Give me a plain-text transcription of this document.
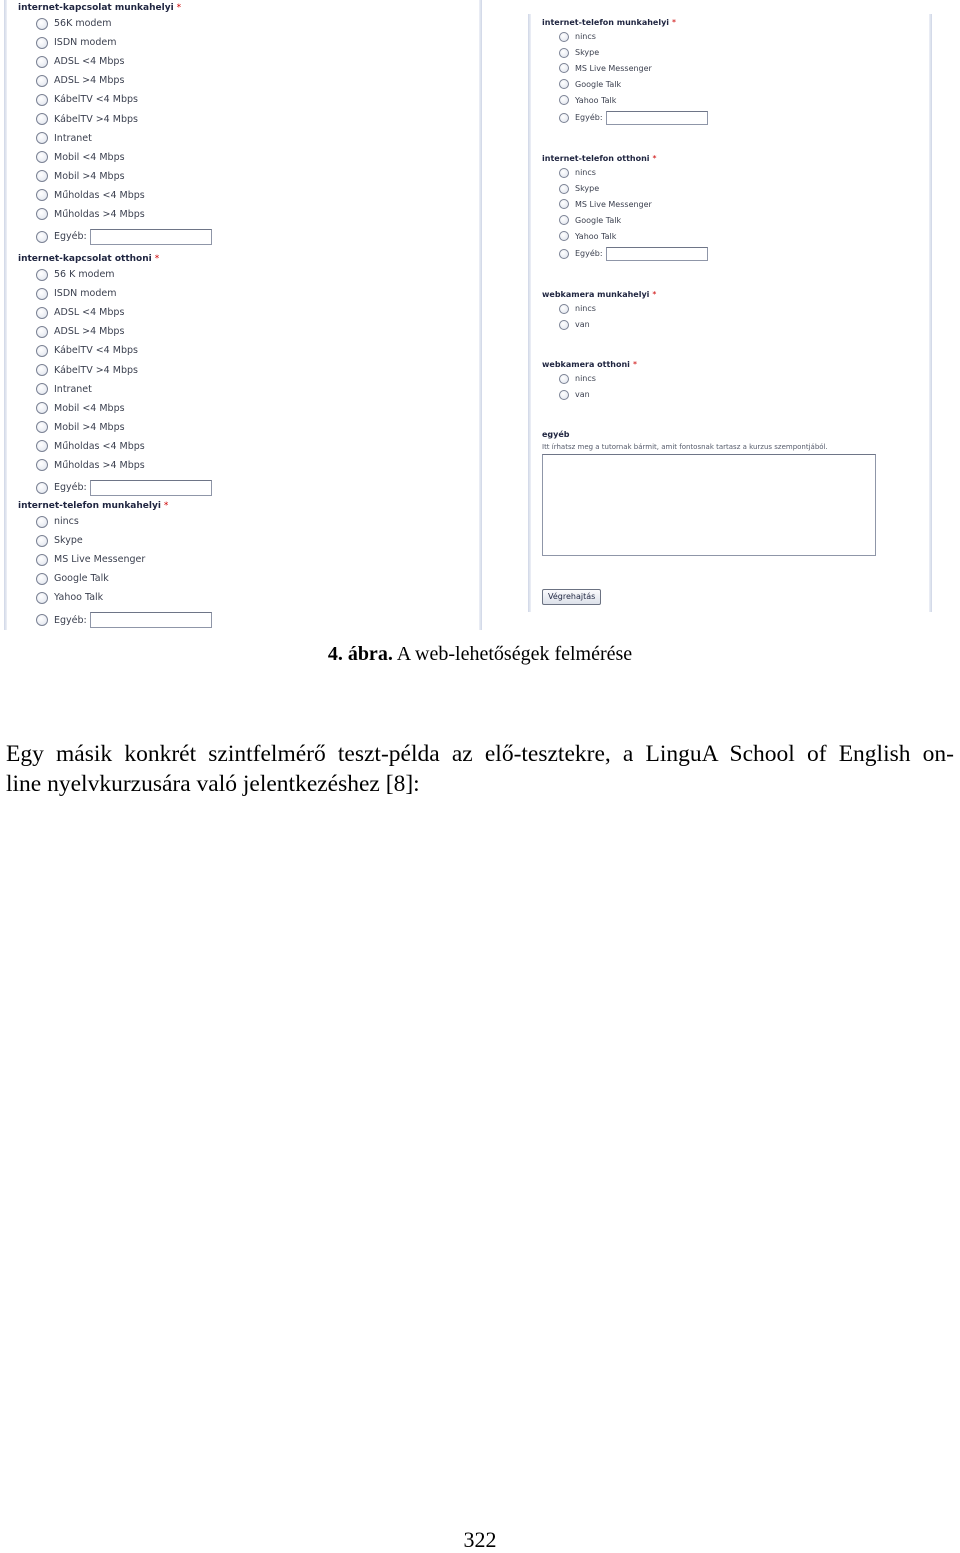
internet-kapcsolat munkahelyi *
56K modem
ISDN modem
ADSL <4 Mbps
ADSL >4 Mbps
KábelTV <4 Mbps
KábelTV >4 Mbps
Intranet
Mobil <4 Mbps
Mobil >4 Mbps
Műholdas <4 Mbps
Műholdas >4 Mbps
Egyéb:
internet-kapcsolat otthoni *
56 K modem
ISDN modem
ADSL <4 Mbps
ADSL >4 Mbps
KábelTV <4 Mbps
KábelTV >4 Mbps
Intranet
Mobil <4 Mbps
Mobil >4 Mbps
Műholdas <4 Mbps
Műholdas >4 Mbps
Egyéb:
internet-telefon munkahelyi *
nincs
Skype
MS Live Messenger
Google Talk
Yahoo Talk
Egyéb:
internet-telefon munkahelyi *
nincs
Skype
MS Live Messenger
Google Talk
Yahoo Talk
Egyéb:
internet-telefon otthoni *
nincs
Skype
MS Live Messenger
Google Talk
Yahoo Talk
Egyéb:
webkamera munkahelyi *
nincs
van
webkamera otthoni *
nincs
van
egyéb
Itt írhatsz meg a tutornak bármit, amit fontosnak tartasz a kurzus szempontjából.
Végrehajtás
4. ábra. A web-lehetőségek felmérése
Egy másik konkrét szintfelmérő teszt-példa az elő-tesztekre, a LinguA School of English on-
line nyelvkurzusára való jelentkezéshez [8]:
322
